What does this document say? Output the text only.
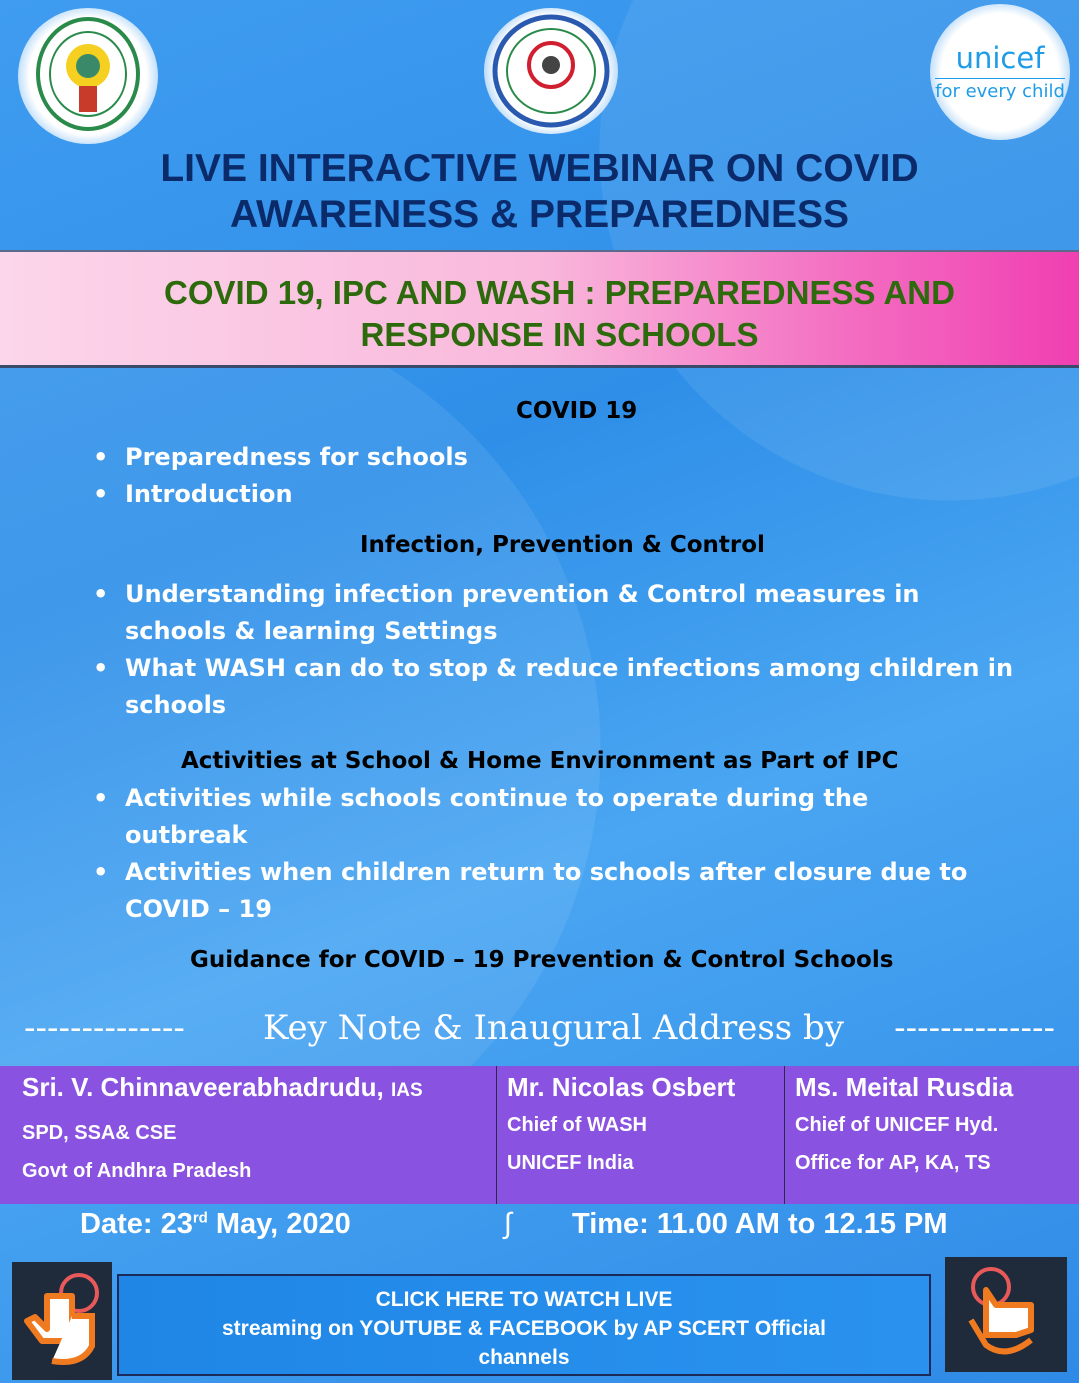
unicef
for every child
LIVE INTERACTIVE WEBINAR ON COVID
AWARENESS & PREPAREDNESS
COVID 19, IPC AND WASH : PREPAREDNESS AND
RESPONSE IN SCHOOLS
COVID 19
• Preparedness for schools
• Introduction
Infection, Prevention & Control
• Understanding infection prevention & Control measures in schools & learning Settings
• What WASH can do to stop & reduce infections among children in schools
Activities at School & Home Environment as Part of IPC
• Activities while schools continue to operate during the outbreak
• Activities when children return to schools after closure due to COVID – 19
Guidance for COVID – 19 Prevention & Control Schools
-------------- Key Note & Inaugural Address by --------------
Sri. V. Chinnaveerabhadrudu, IAS
SPD, SSA& CSE
Govt of Andhra Pradesh
Mr. Nicolas Osbert
Chief of WASH
UNICEF India
Ms. Meital Rusdia
Chief of UNICEF Hyd.
Office for AP, KA, TS
Date: 23rd May, 2020	∫ Time: 11.00 AM to 12.15 PM
CLICK HERE TO WATCH LIVE
streaming on YOUTUBE & FACEBOOK by AP SCERT Official
channels
